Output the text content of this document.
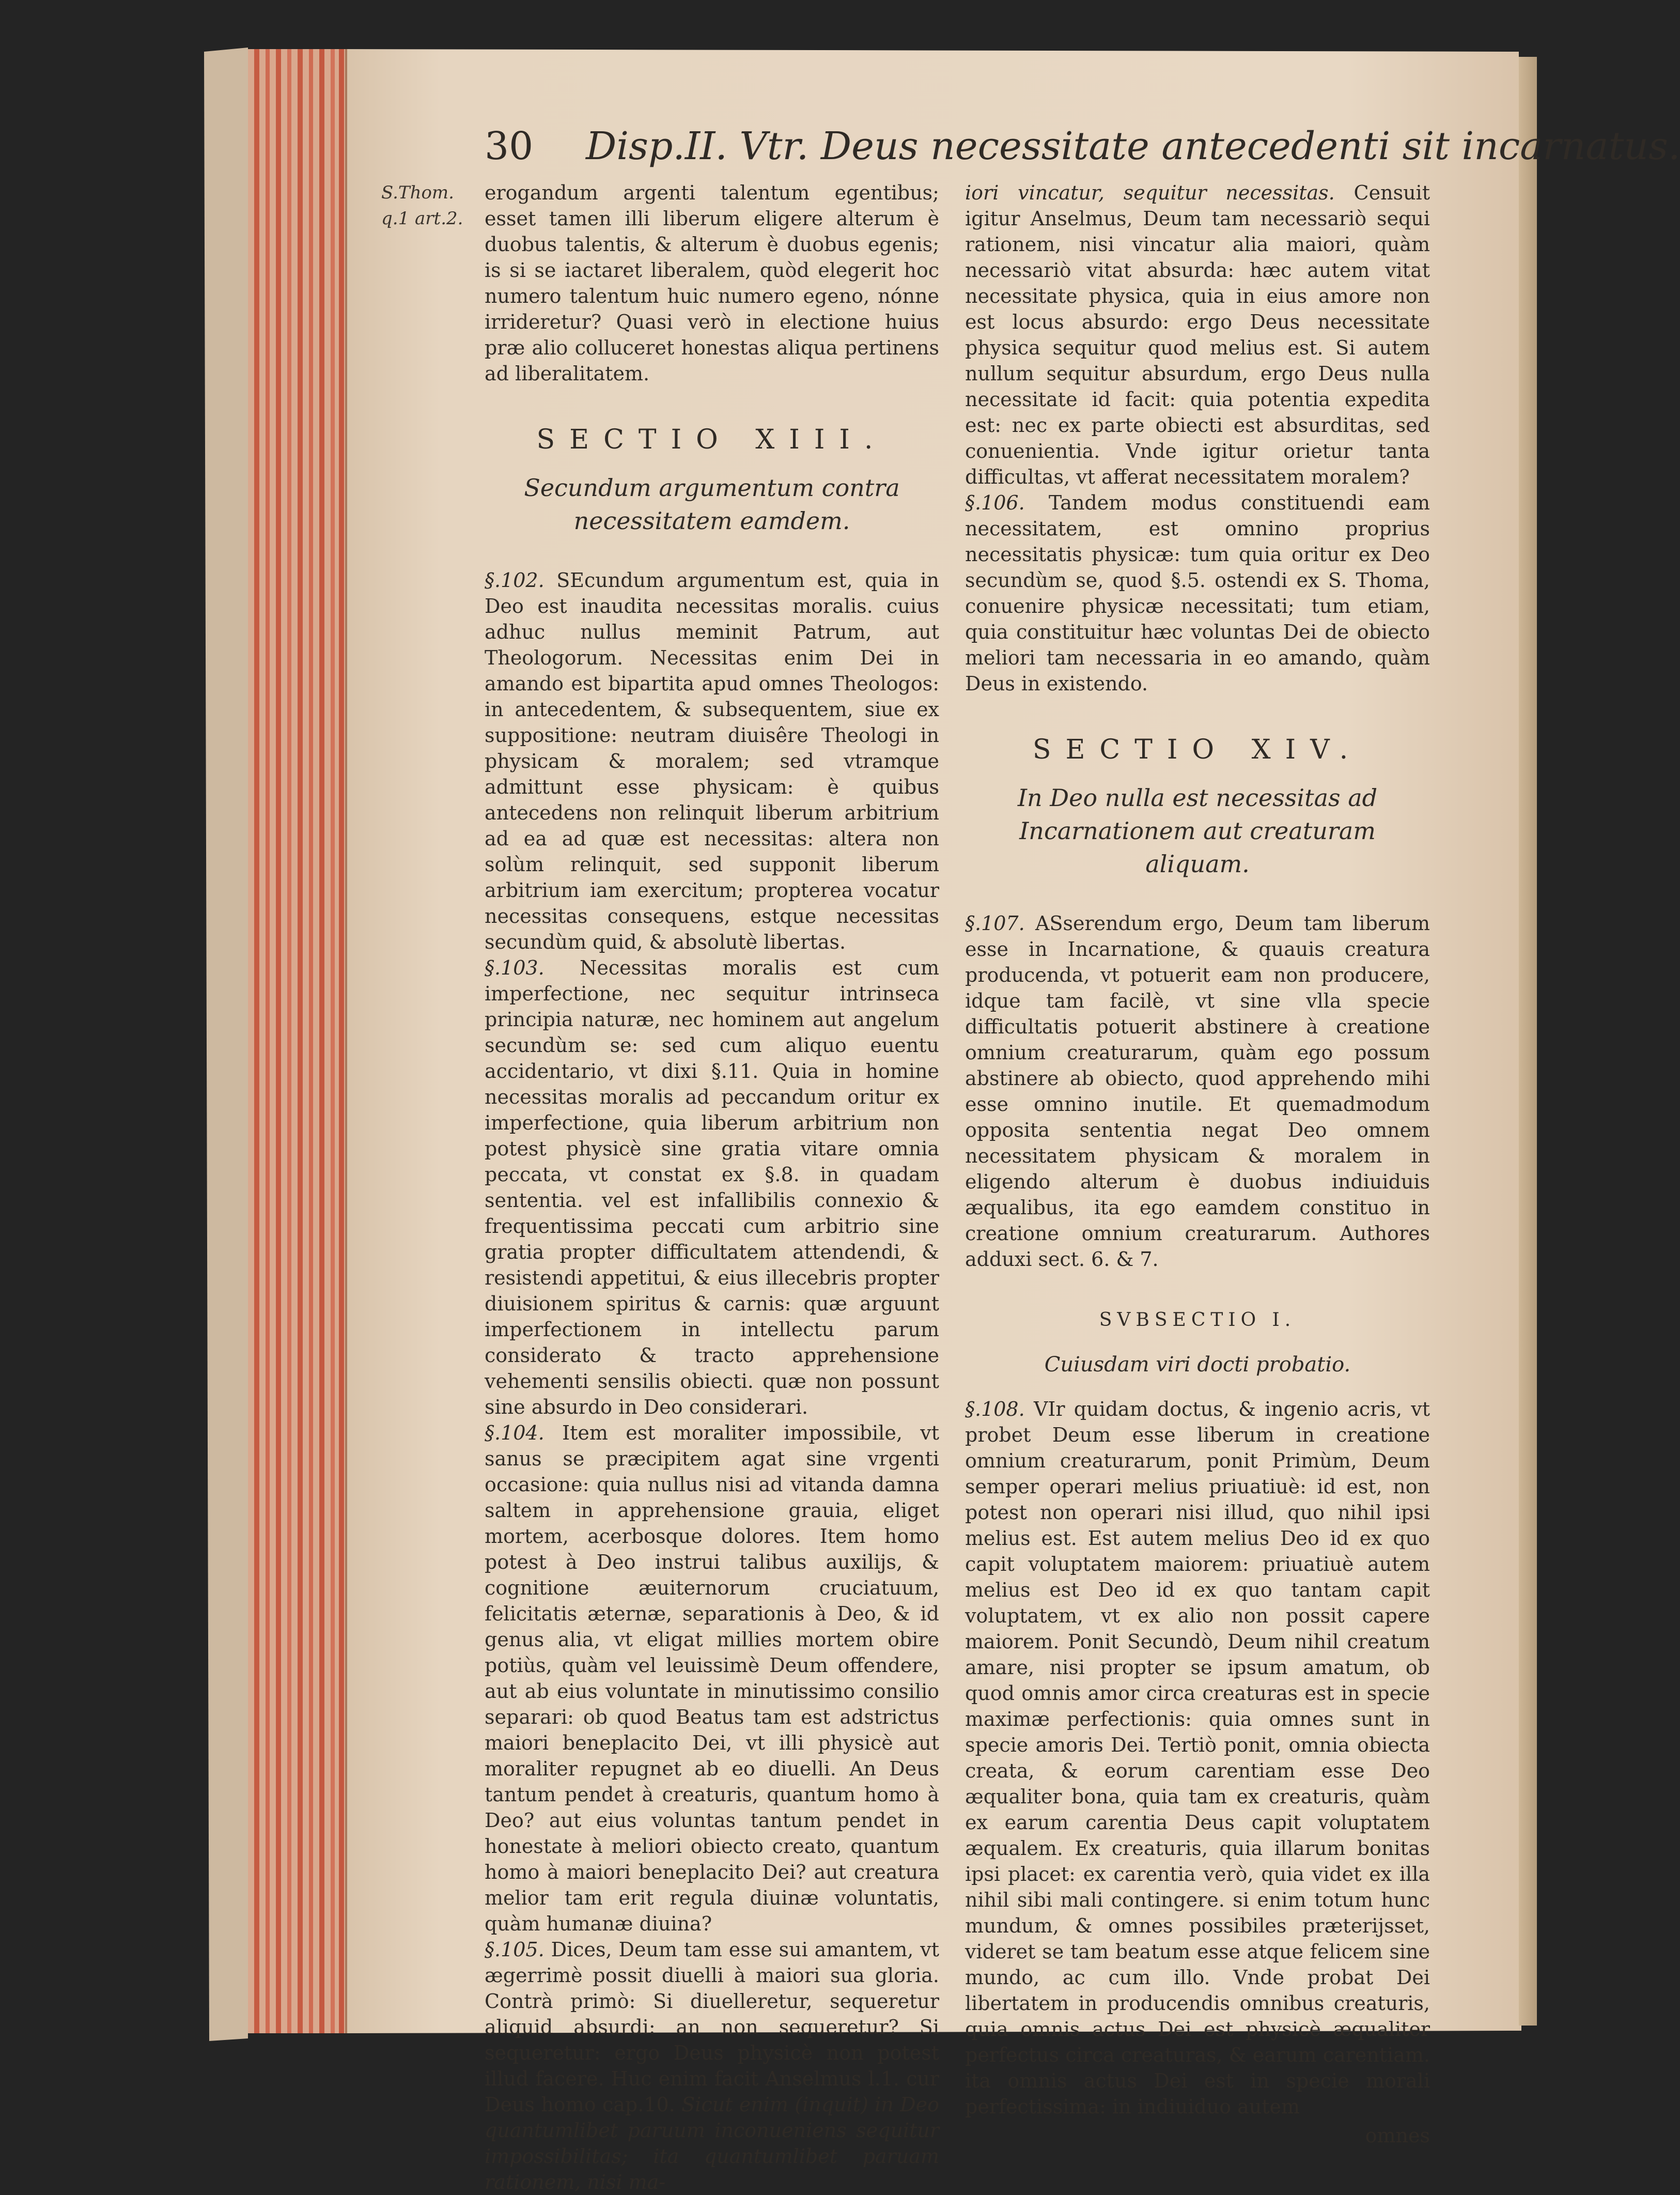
30 Disp.II. Vtr. Deus necessitate antecedenti sit incarnatus.
S.Thom. q.1 art.2.

erogandum argenti talentum egentibus; esset tamen illi liberum eligere alterum è duobus talentis, & alterum è duobus egenis; is si se iactaret liberalem, quòd elegerit hoc numero talentum huic numero egeno, nónne irrideretur? Quasi verò in electione huius præ alio colluceret honestas aliqua pertinens ad liberalitatem.

SECTIO XIII.
Secundum argumentum contra necessitatem eamdem.

§.102. SEcundum argumentum est, quia in Deo est inaudita necessitas moralis. cuius adhuc nullus meminit Patrum, aut Theologorum. Necessitas enim Dei in amando est bipartita apud omnes Theologos: in antecedentem, & subsequentem, siue ex suppositione: neutram diuisêre Theologi in physicam & moralem; sed vtramque admittunt esse physicam: è quibus antecedens non relinquit liberum arbitrium ad ea ad quæ est necessitas: altera non solùm relinquit, sed supponit liberum arbitrium iam exercitum; propterea vocatur necessitas consequens, estque necessitas secundùm quid, & absolutè libertas.

§.103. Necessitas moralis est cum imperfectione, nec sequitur intrinseca principia naturæ, nec hominem aut angelum secundùm se: sed cum aliquo euentu accidentario, vt dixi §.11. Quia in homine necessitas moralis ad peccandum oritur ex imperfectione, quia liberum arbitrium non potest physicè sine gratia vitare omnia peccata, vt constat ex §.8. in quadam sententia. vel est infallibilis connexio & frequentissima peccati cum arbitrio sine gratia propter difficultatem attendendi, & resistendi appetitui, & eius illecebris propter diuisionem spiritus & carnis: quæ arguunt imperfectionem in intellectu parum considerato & tracto apprehensione vehementi sensilis obiecti. quæ non possunt sine absurdo in Deo considerari.

§.104. Item est moraliter impossibile, vt sanus se præcipitem agat sine vrgenti occasione: quia nullus nisi ad vitanda damna saltem in apprehensione grauia, eliget mortem, acerbosque dolores. Item homo potest à Deo instrui talibus auxilijs, & cognitione æuiternorum cruciatuum, felicitatis æternæ, separationis à Deo, & id genus alia, vt eligat millies mortem obire potiùs, quàm vel leuissimè Deum offendere, aut ab eius voluntate in minutissimo consilio separari: ob quod Beatus tam est adstrictus maiori beneplacito Dei, vt illi physicè aut moraliter repugnet ab eo diuelli. An Deus tantum pendet à creaturis, quantum homo à Deo? aut eius voluntas tantum pendet in honestate à meliori obiecto creato, quantum homo à maiori beneplacito Dei? aut creatura melior tam erit regula diuinæ voluntatis, quàm humanæ diuina?

§.105. Dices, Deum tam esse sui amantem, vt ægerrimè possit diuelli à maiori sua gloria. Contrà primò: Si diuelleretur, sequeretur aliquid absurdi: an non sequeretur? Si sequeretur: ergo Deus physicè non potest illud facere. Huc enim facit Anselmus l.1. cur Deus homo cap.10. Sicut enim (inquit) in Deo quantumlibet paruum inconueniens sequitur impossibilitas; ita quantumlibet paruam rationem, nisi ma-

iori vincatur, sequitur necessitas. Censuit igitur Anselmus, Deum tam necessariò sequi rationem, nisi vincatur alia maiori, quàm necessariò vitat absurda: hæc autem vitat necessitate physica, quia in eius amore non est locus absurdo: ergo Deus necessitate physica sequitur quod melius est. Si autem nullum sequitur absurdum, ergo Deus nulla necessitate id facit: quia potentia expedita est: nec ex parte obiecti est absurditas, sed conuenientia. Vnde igitur orietur tanta difficultas, vt afferat necessitatem moralem?

§.106. Tandem modus constituendi eam necessitatem, est omnino proprius necessitatis physicæ: tum quia oritur ex Deo secundùm se, quod §.5. ostendi ex S. Thoma, conuenire physicæ necessitati; tum etiam, quia constituitur hæc voluntas Dei de obiecto meliori tam necessaria in eo amando, quàm Deus in existendo.

SECTIO XIV.
In Deo nulla est necessitas ad Incarnationem aut creaturam aliquam.

§.107. ASserendum ergo, Deum tam liberum esse in Incarnatione, & quauis creatura producenda, vt potuerit eam non producere, idque tam facilè, vt sine vlla specie difficultatis potuerit abstinere à creatione omnium creaturarum, quàm ego possum abstinere ab obiecto, quod apprehendo mihi esse omnino inutile. Et quemadmodum opposita sententia negat Deo omnem necessitatem physicam & moralem in eligendo alterum è duobus indiuiduis æqualibus, ita ego eamdem constituo in creatione omnium creaturarum. Authores adduxi sect. 6. & 7.

SVBSECTIO I.
Cuiusdam viri docti probatio.

§.108. VIr quidam doctus, & ingenio acris, vt probet Deum esse liberum in creatione omnium creaturarum, ponit Primùm, Deum semper operari melius priuatiuè: id est, non potest non operari nisi illud, quo nihil ipsi melius est. Est autem melius Deo id ex quo capit voluptatem maiorem: priuatiuè autem melius est Deo id ex quo tantam capit voluptatem, vt ex alio non possit capere maiorem. Ponit Secundò, Deum nihil creatum amare, nisi propter se ipsum amatum, ob quod omnis amor circa creaturas est in specie maximæ perfectionis: quia omnes sunt in specie amoris Dei. Tertiò ponit, omnia obiecta creata, & eorum carentiam esse Deo æqualiter bona, quia tam ex creaturis, quàm ex earum carentia Deus capit voluptatem æqualem. Ex creaturis, quia illarum bonitas ipsi placet: ex carentia verò, quia videt ex illa nihil sibi mali contingere. si enim totum hunc mundum, & omnes possibiles præterijsset, videret se tam beatum esse atque felicem sine mundo, ac cum illo. Vnde probat Dei libertatem in producendis omnibus creaturis, quia omnis actus Dei est physicè æqualiter perfectus circa creaturas, & earum carentiam. ita omnis actus Dei est in specie morali perfectissima: in indiuiduo autem

omnes
